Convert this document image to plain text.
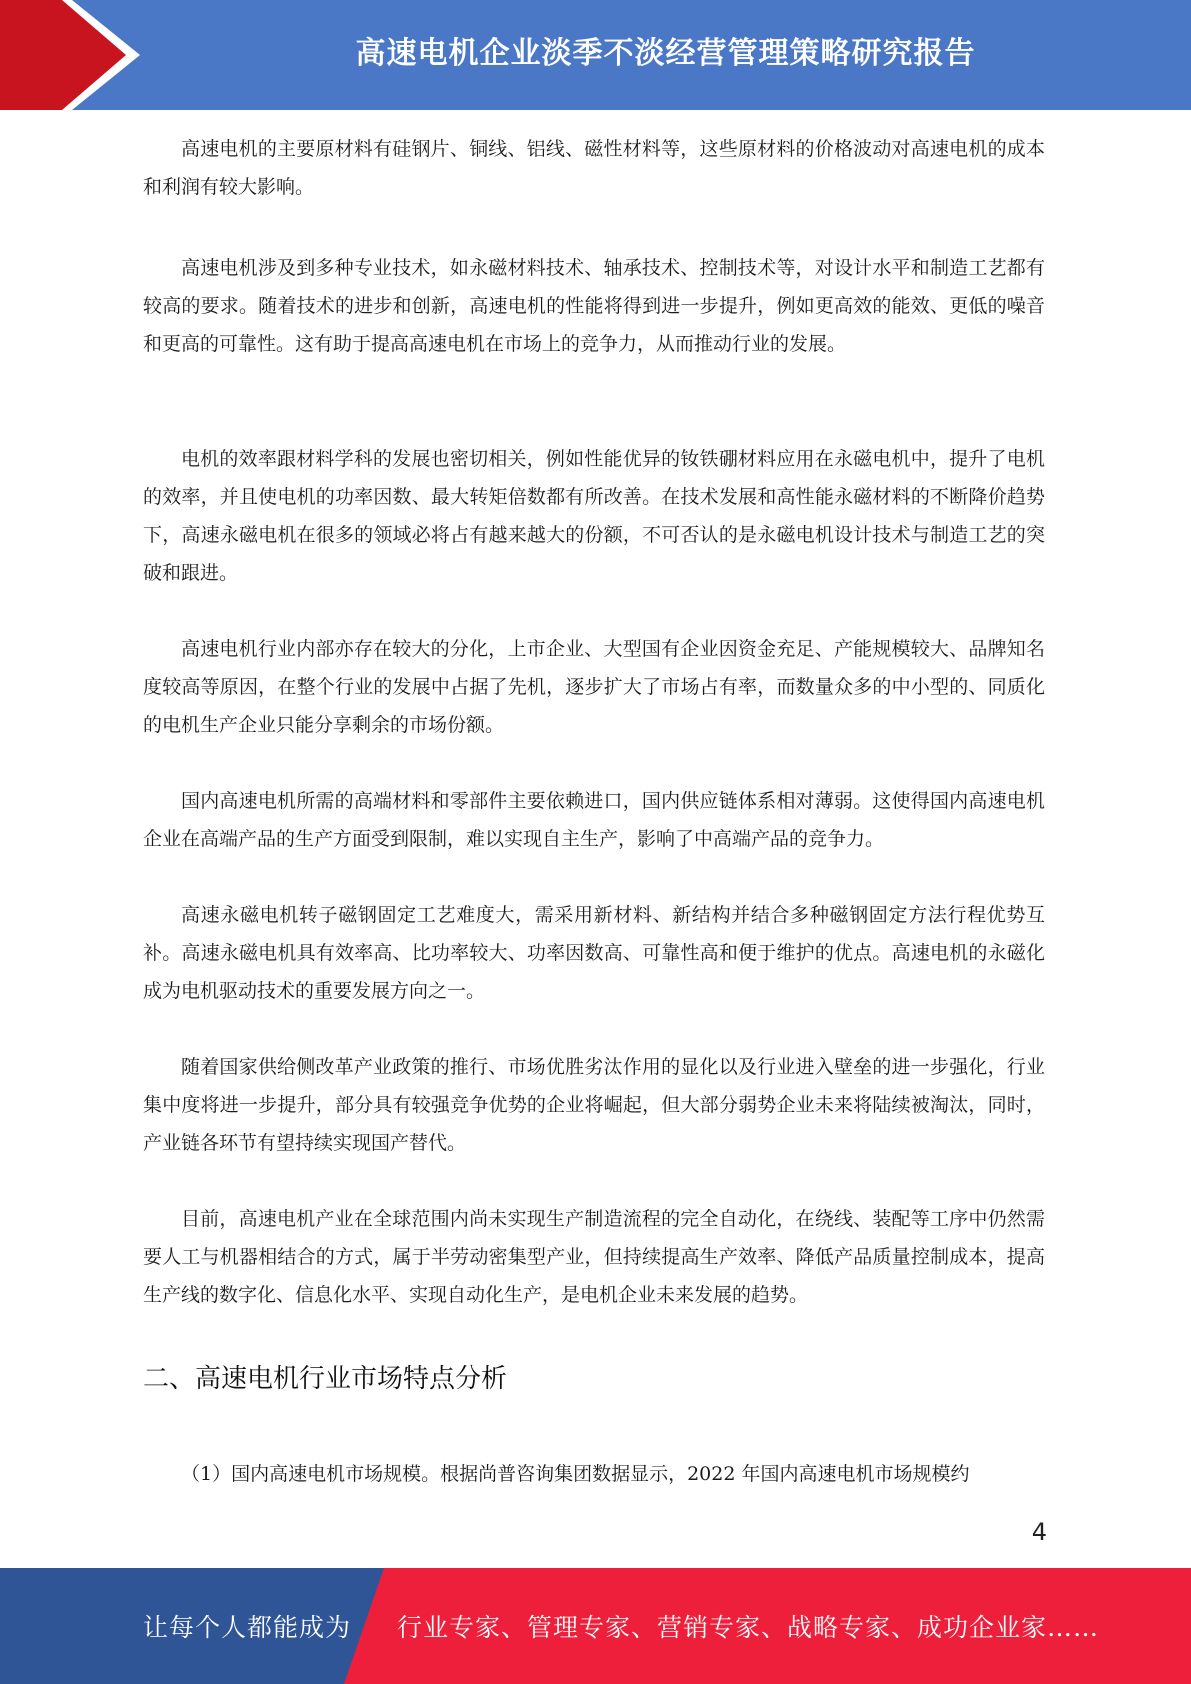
高速电机企业淡季不淡经营管理策略研究报告

高速电机的主要原材料有硅钢片、铜线、铝线、磁性材料等，这些原材料的价格波动对高速电机的成本和利润有较大影响。

高速电机涉及到多种专业技术，如永磁材料技术、轴承技术、控制技术等，对设计水平和制造工艺都有较高的要求。随着技术的进步和创新，高速电机的性能将得到进一步提升，例如更高效的能效、更低的噪音和更高的可靠性。这有助于提高高速电机在市场上的竞争力，从而推动行业的发展。

电机的效率跟材料学科的发展也密切相关，例如性能优异的钕铁硼材料应用在永磁电机中，提升了电机的效率，并且使电机的功率因数、最大转矩倍数都有所改善。在技术发展和高性能永磁材料的不断降价趋势下，高速永磁电机在很多的领域必将占有越来越大的份额，不可否认的是永磁电机设计技术与制造工艺的突破和跟进。

高速电机行业内部亦存在较大的分化，上市企业、大型国有企业因资金充足、产能规模较大、品牌知名度较高等原因，在整个行业的发展中占据了先机，逐步扩大了市场占有率，而数量众多的中小型的、同质化的电机生产企业只能分享剩余的市场份额。

国内高速电机所需的高端材料和零部件主要依赖进口，国内供应链体系相对薄弱。这使得国内高速电机企业在高端产品的生产方面受到限制，难以实现自主生产，影响了中高端产品的竞争力。

高速永磁电机转子磁钢固定工艺难度大，需采用新材料、新结构并结合多种磁钢固定方法行程优势互补。高速永磁电机具有效率高、比功率较大、功率因数高、可靠性高和便于维护的优点。高速电机的永磁化成为电机驱动技术的重要发展方向之一。

随着国家供给侧改革产业政策的推行、市场优胜劣汰作用的显化以及行业进入壁垒的进一步强化，行业集中度将进一步提升，部分具有较强竞争优势的企业将崛起，但大部分弱势企业未来将陆续被淘汰，同时，产业链各环节有望持续实现国产替代。

目前，高速电机产业在全球范围内尚未实现生产制造流程的完全自动化，在绕线、装配等工序中仍然需要人工与机器相结合的方式，属于半劳动密集型产业，但持续提高生产效率、降低产品质量控制成本，提高生产线的数字化、信息化水平、实现自动化生产，是电机企业未来发展的趋势。

二、高速电机行业市场特点分析

（1）国内高速电机市场规模。根据尚普咨询集团数据显示，2022 年国内高速电机市场规模约

4
让每个人都能成为 行业专家、管理专家、营销专家、战略专家、成功企业家……
